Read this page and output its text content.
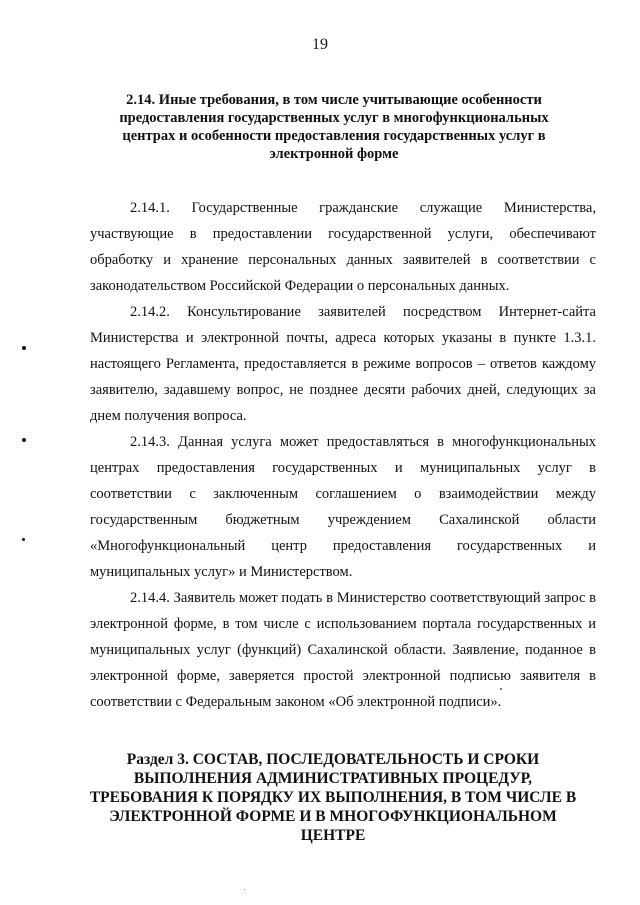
19
2.14. Иные требования, в том числе учитывающие особенности предоставления государственных услуг в многофункциональных центрах и особенности предоставления государственных услуг в электронной форме

2.14.1. Государственные гражданские служащие Министерства, участвующие в предоставлении государственной услуги, обеспечивают обработку и хранение персональных данных заявителей в соответствии с законодательством Российской Федерации о персональных данных.

2.14.2. Консультирование заявителей посредством Интернет-сайта Министерства и электронной почты, адреса которых указаны в пункте 1.3.1. настоящего Регламента, предоставляется в режиме вопросов – ответов каждому заявителю, задавшему вопрос, не позднее десяти рабочих дней, следующих за днем получения вопроса.

2.14.3. Данная услуга может предоставляться в многофункциональных центрах предоставления государственных и муниципальных услуг в соответствии с заключенным соглашением о взаимодействии между государственным бюджетным учреждением Сахалинской области «Многофункциональный центр предоставления государственных и муниципальных услуг» и Министерством.

2.14.4. Заявитель может подать в Министерство соответствующий запрос в электронной форме, в том числе с использованием портала государственных и муниципальных услуг (функций) Сахалинской области. Заявление, поданное в электронной форме, заверяется простой электронной подписью заявителя в соответствии с Федеральным законом «Об электронной подписи».

Раздел 3. СОСТАВ, ПОСЛЕДОВАТЕЛЬНОСТЬ И СРОКИ ВЫПОЛНЕНИЯ АДМИНИСТРАТИВНЫХ ПРОЦЕДУР, ТРЕБОВАНИЯ К ПОРЯДКУ ИХ ВЫПОЛНЕНИЯ, В ТОМ ЧИСЛЕ В ЭЛЕКТРОННОЙ ФОРМЕ И В МНОГОФУНКЦИОНАЛЬНОМ ЦЕНТРЕ
